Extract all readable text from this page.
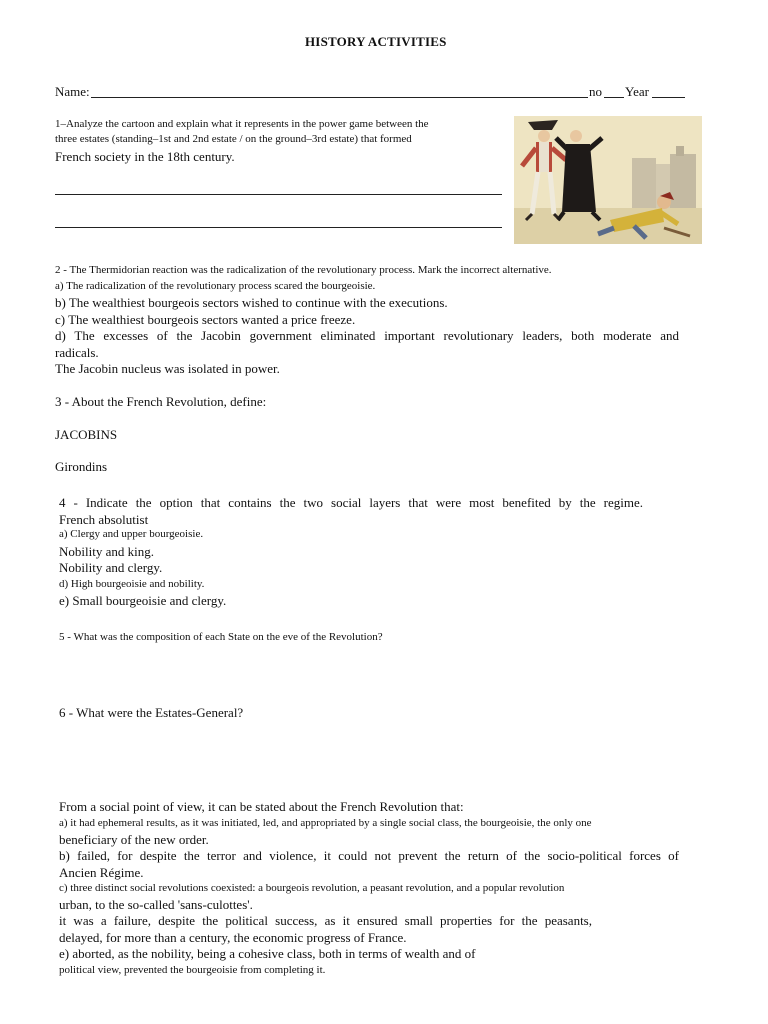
HISTORY ACTIVITIES
Name:	no Year
1–Analyze the cartoon and explain what it represents in the power game between the
three estates (standing–1st and 2nd estate / on the ground–3rd estate) that formed
French society in the 18th century.
2 - The Thermidorian reaction was the radicalization of the revolutionary process. Mark the incorrect alternative.
a) The radicalization of the revolutionary process scared the bourgeoisie.
b) The wealthiest bourgeois sectors wished to continue with the executions.
c) The wealthiest bourgeois sectors wanted a price freeze.
d) The excesses of the Jacobin government eliminated important revolutionary leaders, both moderate and
radicals.
The Jacobin nucleus was isolated in power.
3 - About the French Revolution, define:
JACOBINS
Girondins
4 - Indicate the option that contains the two social layers that were most benefited by the regime.
French absolutist
a) Clergy and upper bourgeoisie.
Nobility and king.
Nobility and clergy.
d) High bourgeoisie and nobility.
e) Small bourgeoisie and clergy.
5 - What was the composition of each State on the eve of the Revolution?
6 - What were the Estates-General?
From a social point of view, it can be stated about the French Revolution that:
a) it had ephemeral results, as it was initiated, led, and appropriated by a single social class, the bourgeoisie, the only one
beneficiary of the new order.
b) failed, for despite the terror and violence, it could not prevent the return of the socio-political forces of
Ancien Régime.
c) three distinct social revolutions coexisted: a bourgeois revolution, a peasant revolution, and a popular revolution
urban, to the so-called 'sans-culottes'.
it was a failure, despite the political success, as it ensured small properties for the peasants,
delayed, for more than a century, the economic progress of France.
e) aborted, as the nobility, being a cohesive class, both in terms of wealth and of
political view, prevented the bourgeoisie from completing it.
